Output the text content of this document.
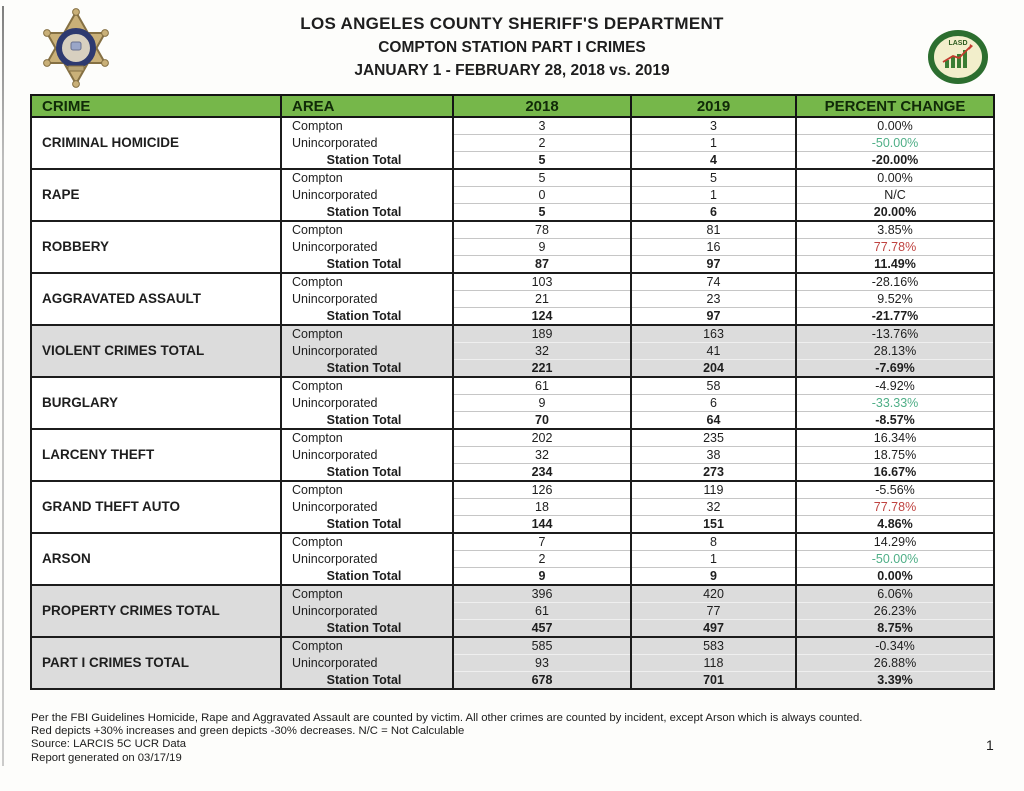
LOS ANGELES COUNTY SHERIFF'S DEPARTMENT
COMPTON STATION PART I CRIMES
JANUARY 1 - FEBRUARY 28, 2018 vs. 2019
LASD
CRIME	AREA	2018	2019	PERCENT CHANGE
CRIMINAL HOMICIDE	Compton	3	3	0.00%
	Unincorporated	2	1	-50.00%
	Station Total	5	4	-20.00%
RAPE	Compton	5	5	0.00%
	Unincorporated	0	1	N/C
	Station Total	5	6	20.00%
ROBBERY	Compton	78	81	3.85%
	Unincorporated	9	16	77.78%
	Station Total	87	97	11.49%
AGGRAVATED ASSAULT	Compton	103	74	-28.16%
	Unincorporated	21	23	9.52%
	Station Total	124	97	-21.77%
VIOLENT CRIMES TOTAL	Compton	189	163	-13.76%
	Unincorporated	32	41	28.13%
	Station Total	221	204	-7.69%
BURGLARY	Compton	61	58	-4.92%
	Unincorporated	9	6	-33.33%
	Station Total	70	64	-8.57%
LARCENY THEFT	Compton	202	235	16.34%
	Unincorporated	32	38	18.75%
	Station Total	234	273	16.67%
GRAND THEFT AUTO	Compton	126	119	-5.56%
	Unincorporated	18	32	77.78%
	Station Total	144	151	4.86%
ARSON	Compton	7	8	14.29%
	Unincorporated	2	1	-50.00%
	Station Total	9	9	0.00%
PROPERTY CRIMES TOTAL	Compton	396	420	6.06%
	Unincorporated	61	77	26.23%
	Station Total	457	497	8.75%
PART I CRIMES TOTAL	Compton	585	583	-0.34%
	Unincorporated	93	118	26.88%
	Station Total	678	701	3.39%
Per the FBI Guidelines Homicide, Rape and Aggravated Assault are counted by victim. All other crimes are counted by incident, except Arson which is always counted.
Red depicts +30% increases and green depicts -30% decreases. N/C = Not Calculable
Source: LARCIS 5C UCR Data
Report generated on 03/17/19
1
